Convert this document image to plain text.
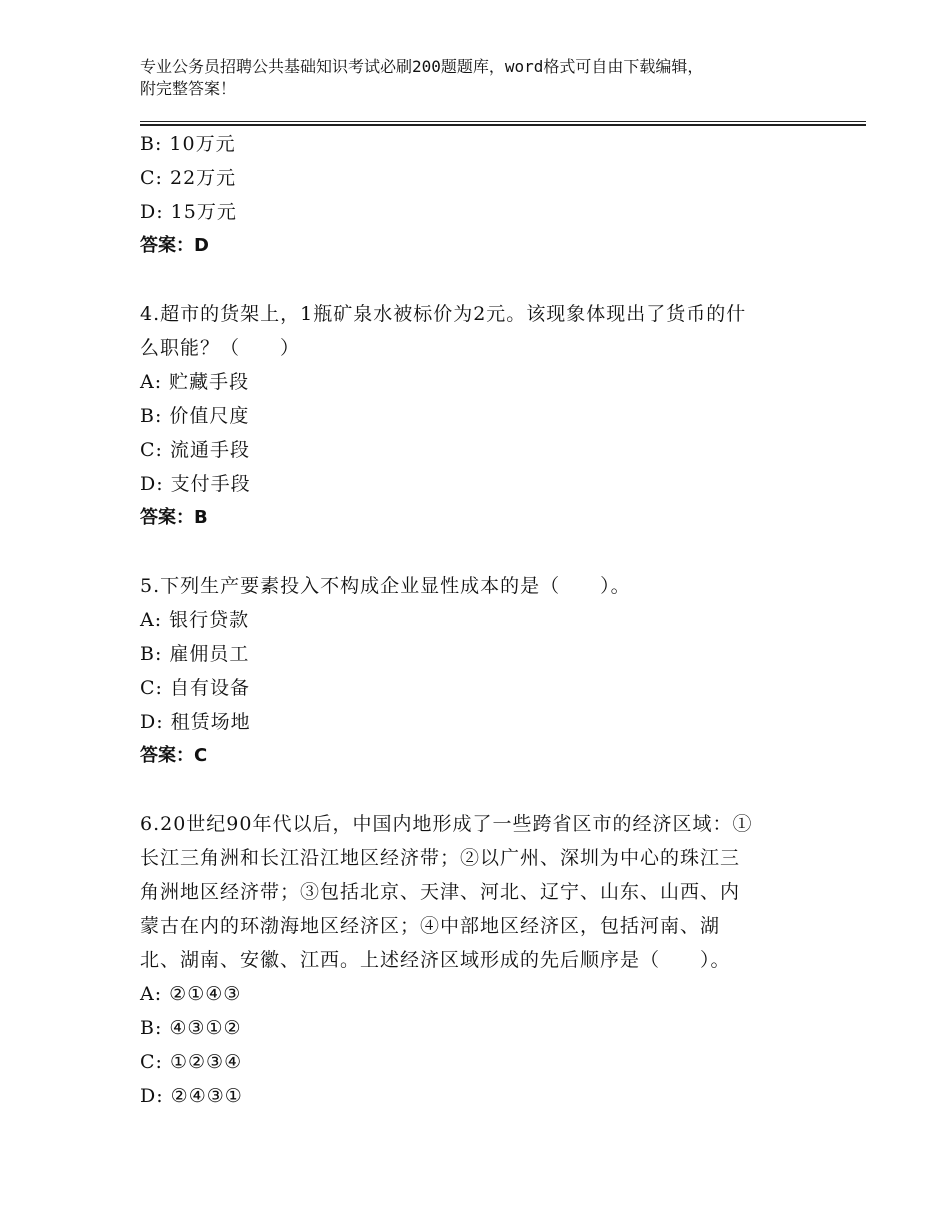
专业公务员招聘公共基础知识考试必刷200题题库，word格式可自由下载编辑，
附完整答案！
B: 10万元
C: 22万元
D: 15万元
答案：D
4.超市的货架上，1瓶矿泉水被标价为2元。该现象体现出了货币的什
么职能？（　　）
A: 贮藏手段
B: 价值尺度
C: 流通手段
D: 支付手段
答案：B
5.下列生产要素投入不构成企业显性成本的是（　　）。
A: 银行贷款
B: 雇佣员工
C: 自有设备
D: 租赁场地
答案：C
6.20世纪90年代以后，中国内地形成了一些跨省区市的经济区域：①
长江三角洲和长江沿江地区经济带；②以广州、深圳为中心的珠江三
角洲地区经济带；③包括北京、天津、河北、辽宁、山东、山西、内
蒙古在内的环渤海地区经济区；④中部地区经济区，包括河南、湖
北、湖南、安徽、江西。上述经济区域形成的先后顺序是（　　）。
A: ②①④③
B: ④③①②
C: ①②③④
D: ②④③①
